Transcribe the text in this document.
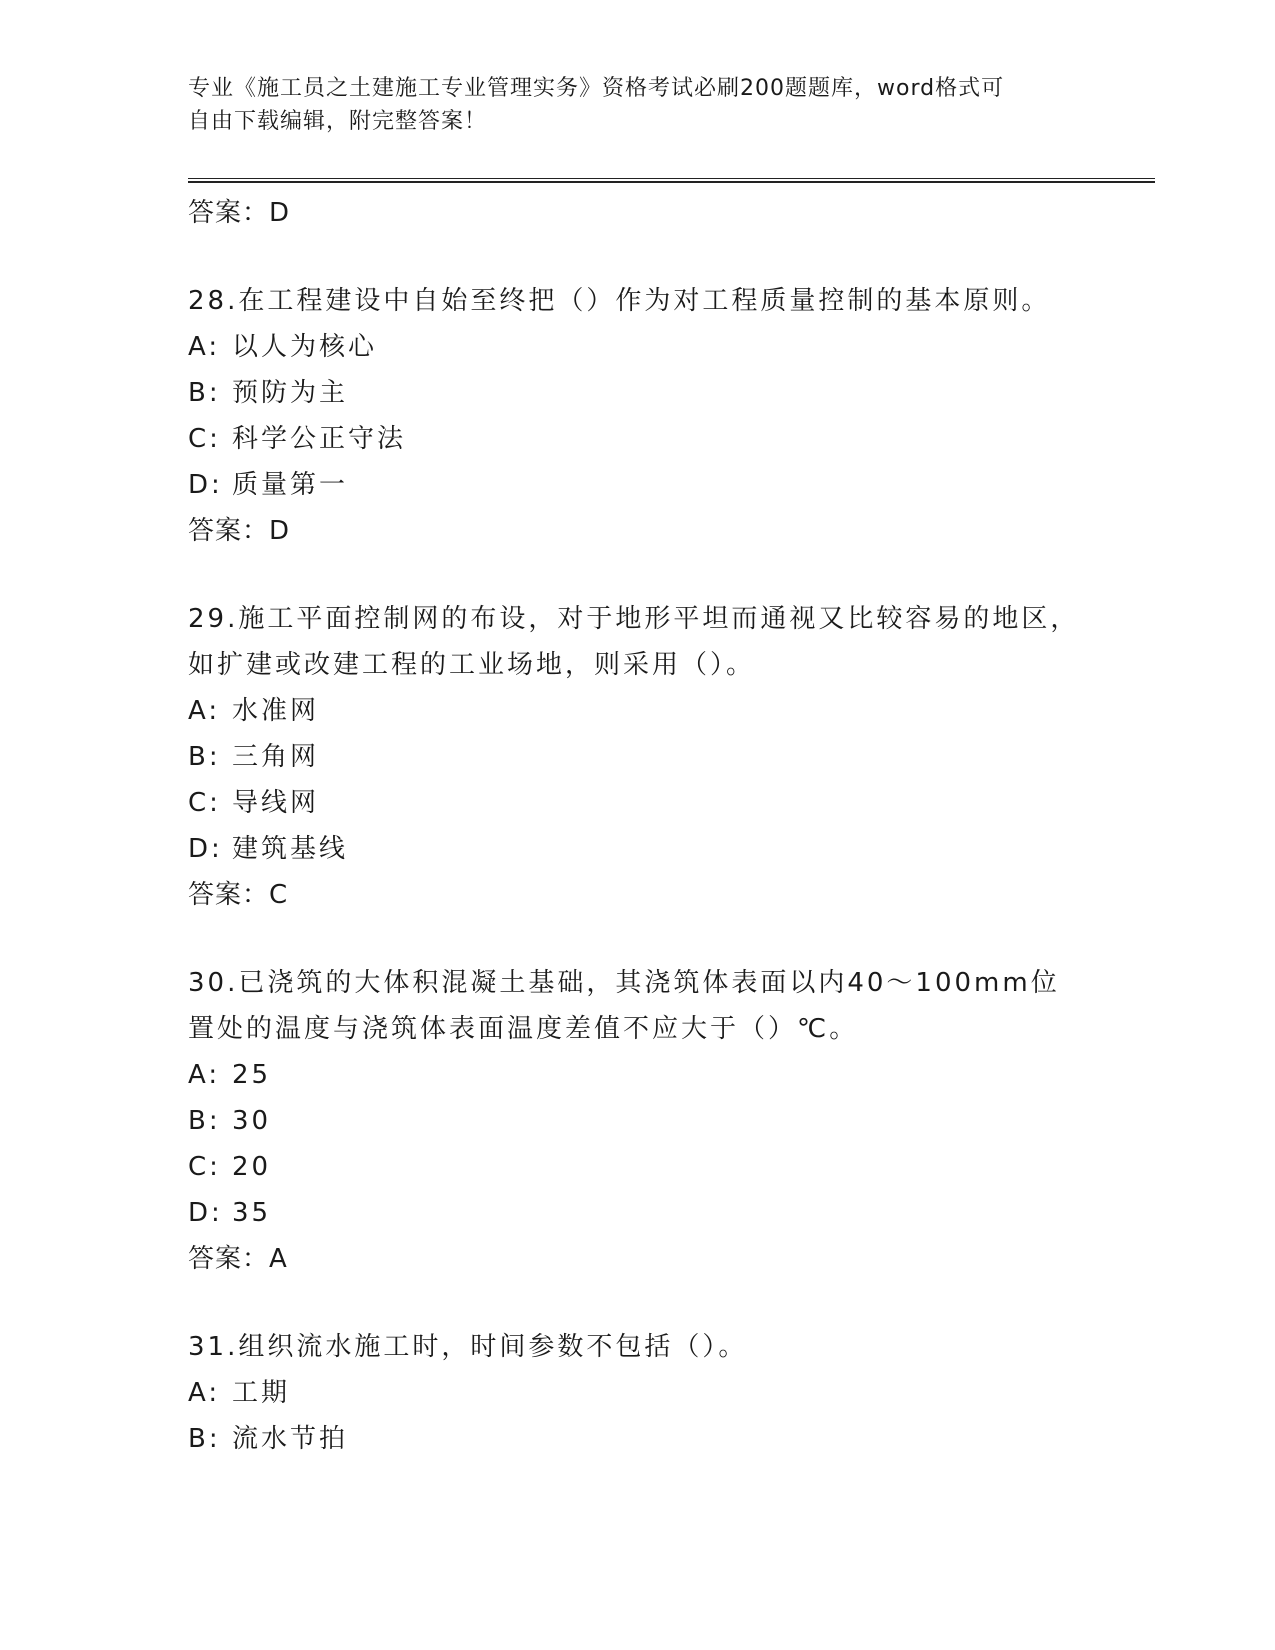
专业《施工员之土建施工专业管理实务》资格考试必刷200题题库，word格式可
自由下载编辑，附完整答案！
答案：D
28.在工程建设中自始至终把（）作为对工程质量控制的基本原则。
A: 以人为核心
B: 预防为主
C: 科学公正守法
D: 质量第一
答案：D
29.施工平面控制网的布设，对于地形平坦而通视又比较容易的地区，如扩建或改建工程的工业场地，则采用（）。
A: 水准网
B: 三角网
C: 导线网
D: 建筑基线
答案：C
30.已浇筑的大体积混凝土基础，其浇筑体表面以内40～100mm位置处的温度与浇筑体表面温度差值不应大于（）℃。
A: 25
B: 30
C: 20
D: 35
答案：A
31.组织流水施工时，时间参数不包括（）。
A: 工期
B: 流水节拍
